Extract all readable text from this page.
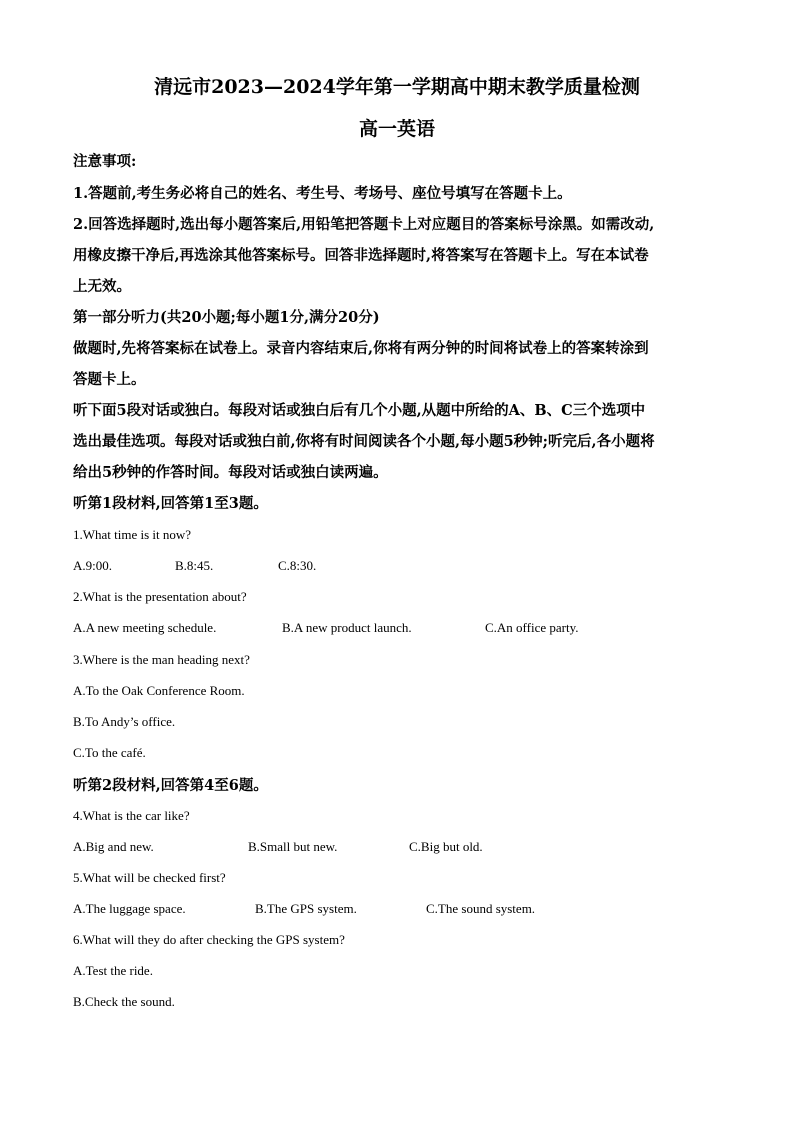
清远市2023—2024学年第一学期高中期末教学质量检测
高一英语
注意事项:
1.答题前,考生务必将自己的姓名、考生号、考场号、座位号填写在答题卡上。
2.回答选择题时,选出每小题答案后,用铅笔把答题卡上对应题目的答案标号涂黑。如需改动,
用橡皮擦干净后,再选涂其他答案标号。回答非选择题时,将答案写在答题卡上。写在本试卷
上无效。
第一部分听力(共20小题;每小题1分,满分20分)
做题时,先将答案标在试卷上。录音内容结束后,你将有两分钟的时间将试卷上的答案转涂到
答题卡上。
听下面5段对话或独白。每段对话或独白后有几个小题,从题中所给的A、B、C三个选项中
选出最佳选项。每段对话或独白前,你将有时间阅读各个小题,每小题5秒钟;听完后,各小题将
给出5秒钟的作答时间。每段对话或独白读两遍。
听第1段材料,回答第1至3题。
1.What time is it now?
A.9:00.	B.8:45.	C.8:30.
2.What is the presentation about?
A.A new meeting schedule.	B.A new product launch.	C.An office party.
3.Where is the man heading next?
A.To the Oak Conference Room.
B.To Andy’s office.
C.To the café.
听第2段材料,回答第4至6题。
4.What is the car like?
A.Big and new.	B.Small but new.	C.Big but old.
5.What will be checked first?
A.The luggage space.	B.The GPS system.	C.The sound system.
6.What will they do after checking the GPS system?
A.Test the ride.
B.Check the sound.
